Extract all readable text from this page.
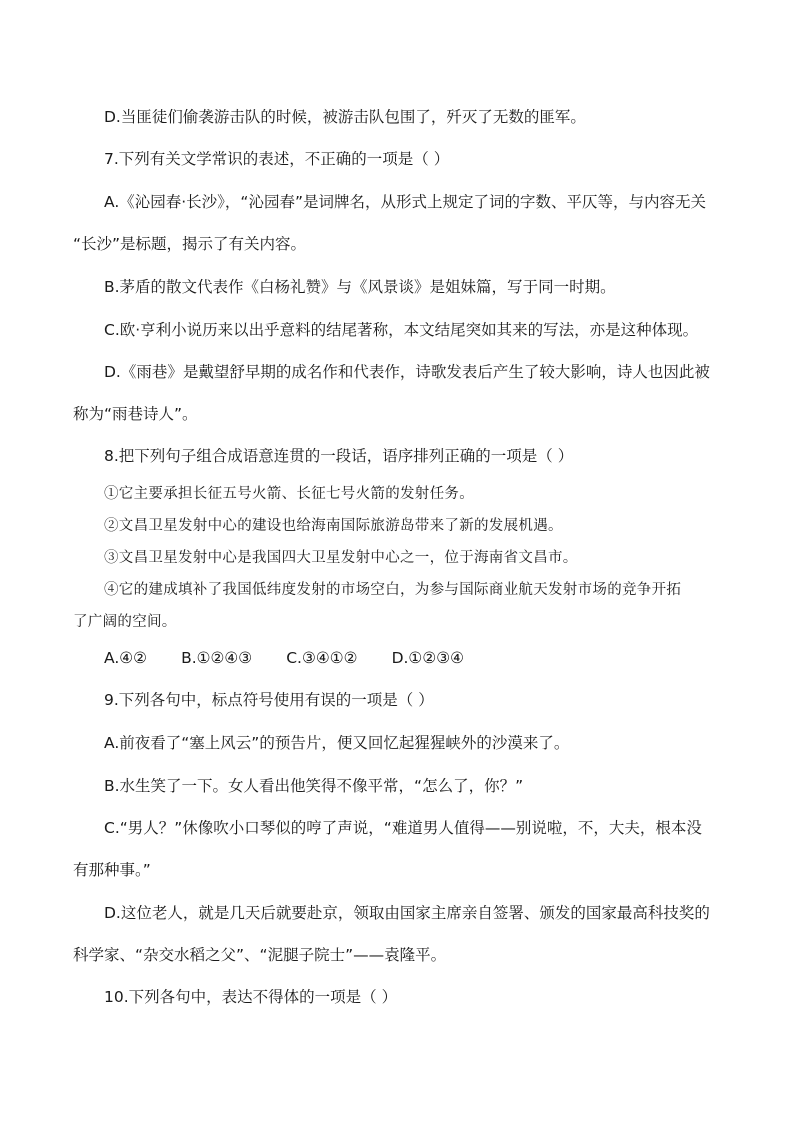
D.当匪徒们偷袭游击队的时候，被游击队包围了，歼灭了无数的匪军。

7.下列有关文学常识的表述，不正确的一项是（ ）

A.《沁园春·长沙》，“沁园春”是词牌名，从形式上规定了词的字数、平仄等，与内容无关

“长沙”是标题，揭示了有关内容。

B.茅盾的散文代表作《白杨礼赞》与《风景谈》是姐妹篇，写于同一时期。

C.欧·亨利小说历来以出乎意料的结尾著称，本文结尾突如其来的写法，亦是这种体现。

D.《雨巷》是戴望舒早期的成名作和代表作，诗歌发表后产生了较大影响，诗人也因此被

称为“雨巷诗人”。

8.把下列句子组合成语意连贯的一段话，语序排列正确的一项是（ ）

①它主要承担长征五号火箭、长征七号火箭的发射任务。

②文昌卫星发射中心的建设也给海南国际旅游岛带来了新的发展机遇。

③文昌卫星发射中心是我国四大卫星发射中心之一，位于海南省文昌市。

④它的建成填补了我国低纬度发射的市场空白，为参与国际商业航天发射市场的竞争开拓

了广阔的空间。

A.④② B.①②④③ C.③④①② D.①②③④

9.下列各句中，标点符号使用有误的一项是（ ）

A.前夜看了“塞上风云”的预告片，便又回忆起猩猩峡外的沙漠来了。

B.水生笑了一下。女人看出他笑得不像平常，“怎么了，你？”

C.“男人？”休像吹小口琴似的哼了声说，“难道男人值得——别说啦，不，大夫，根本没

有那种事。”

D.这位老人，就是几天后就要赴京，领取由国家主席亲自签署、颁发的国家最高科技奖的

科学家、“杂交水稻之父”、“泥腿子院士”——袁隆平。

10.下列各句中，表达不得体的一项是（ ）
